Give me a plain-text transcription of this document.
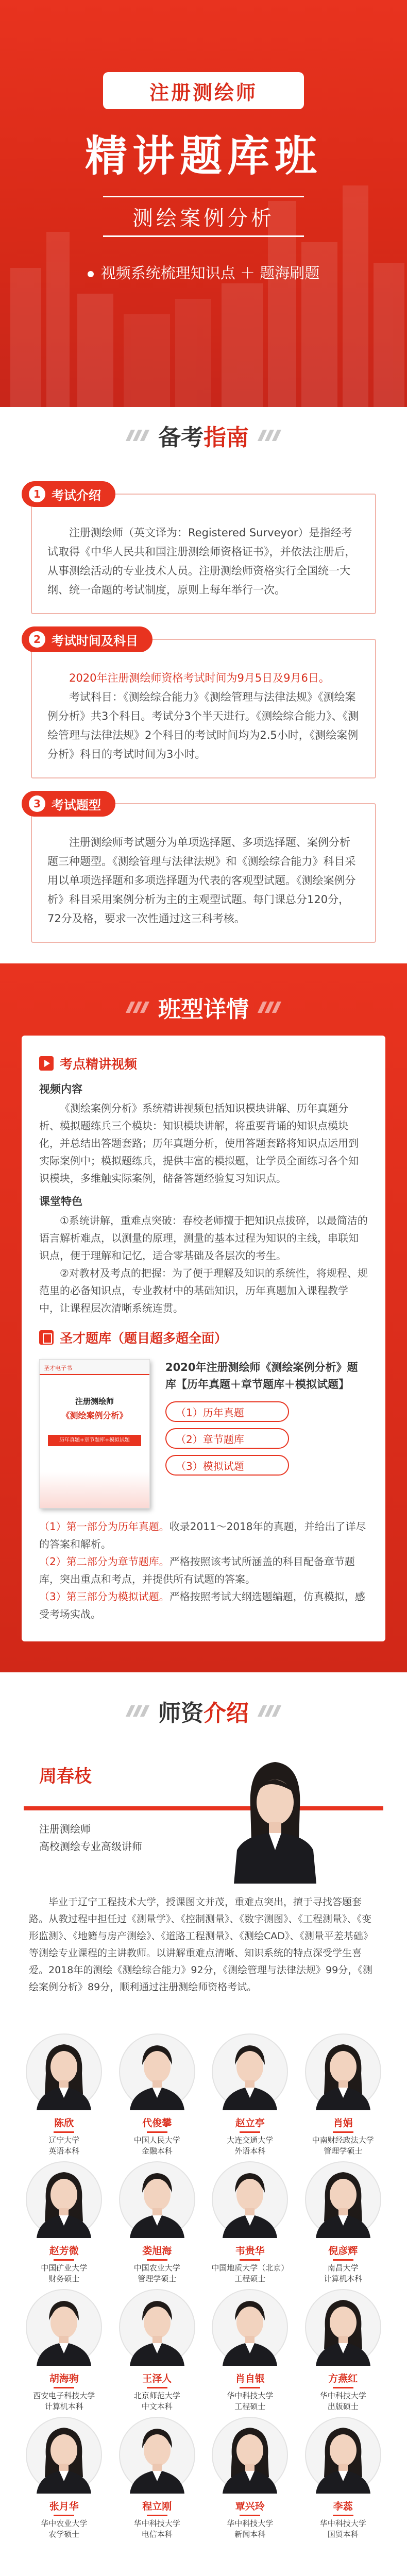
注册测绘师
精讲题库班
测绘案例分析
视频系统梳理知识点 ＋ 题海刷题
备考指南
1 考试介绍

注册测绘师（英文译为：Registered Surveyor）是指经考试取得《中华人民共和国注册测绘师资格证书》，并依法注册后，从事测绘活动的专业技术人员。注册测绘师资格实行全国统一大纲、统一命题的考试制度，原则上每年举行一次。

2 考试时间及科目

2020年注册测绘师资格考试时间为9月5日及9月6日。

考试科目：《测绘综合能力》《测绘管理与法律法规》《测绘案例分析》共3个科目。考试分3个半天进行。《测绘综合能力》、《测绘管理与法律法规》2个科目的考试时间均为2.5小时，《测绘案例分析》科目的考试时间为3小时。

3 考试题型

注册测绘师考试题分为单项选择题、多项选择题、案例分析题三种题型。《测绘管理与法律法规》和《测绘综合能力》科目采用以单项选择题和多项选择题为代表的客观型试题。《测绘案例分析》科目采用案例分析为主的主观型试题。每门课总分120分，72分及格，要求一次性通过这三科考核。

班型详情
考点精讲视频
视频内容

《测绘案例分析》系统精讲视频包括知识模块讲解、历年真题分析、模拟题练兵三个模块：知识模块讲解，将重要背诵的知识点模块化，并总结出答题套路；历年真题分析，使用答题套路将知识点运用到实际案例中；模拟题练兵，提供丰富的模拟题，让学员全面练习各个知识模块，多维触实际案例，储备答题经验复习知识点。

课堂特色

①系统讲解，重难点突破：春校老师擅于把知识点拔碎，以最简洁的语言解析难点，以测量的原理，测量的基本过程为知识的主线，串联知识点，便于理解和记忆，适合零基础及各层次的考生。

②对教材及考点的把握：为了便于理解及知识的系统性，将规程、规范里的必备知识点，专业教材中的基础知识，历年真题加入课程教学中，让课程层次清晰系统连贯。

圣才题库（题目超多超全面）
圣才电子书
注册测绘师
《测绘案例分析》
历年真题+章节题库+模拟试题
2020年注册测绘师《测绘案例分析》题库【历年真题＋章节题库＋模拟试题】
（1）历年真题
（2）章节题库
（3）模拟试题

（1）第一部分为历年真题。收录2011〜2018年的真题，并给出了详尽的答案和解析。

（2）第二部分为章节题库。严格按照该考试所涵盖的科目配备章节题库，突出重点和考点，并提供所有试题的答案。

（3）第三部分为模拟试题。严格按照考试大纲选题编题，仿真模拟，感受考场实战。

师资介绍
周春枝
注册测绘师
高校测绘专业高级讲师

毕业于辽宁工程技术大学，授课图文并茂，重难点突出，擅于寻找答题套路。从教过程中担任过《测量学》、《控制测量》、《数字测图》、《工程测量》、《变形监测》、《地籍与房产测绘》、《道路工程测量》、《测绘CAD》、《测量平差基础》等测绘专业课程的主讲教师。以讲解重难点清晰、知识系统的特点深受学生喜爱。2018年的测绘《测绘综合能力》92分，《测绘管理与法律法规》99分，《测绘案例分析》89分，顺利通过注册测绘师资格考试。

陈欣
辽宁大学
英语本科
代俊攀
中国人民大学
金融本科
赵立亭
大连交通大学
外语本科
肖娟
中南财经政法大学
管理学硕士
赵芳微
中国矿业大学
财务硕士
娄旭海
中国农业大学
管理学硕士
韦贵华
中国地质大学（北京）
工程硕士
倪彦辉
南昌大学
计算机本科
胡海驹
西安电子科技大学
计算机本科
王泽人
北京师范大学
中文本科
肖自银
华中科技大学
工程硕士
方燕红
华中科技大学
出版硕士
张月华
华中农业大学
农学硕士
程立刚
华中科技大学
电信本科
覃兴玲
华中科技大学
新闻本科
李蕊
华中科技大学
国贸本科
